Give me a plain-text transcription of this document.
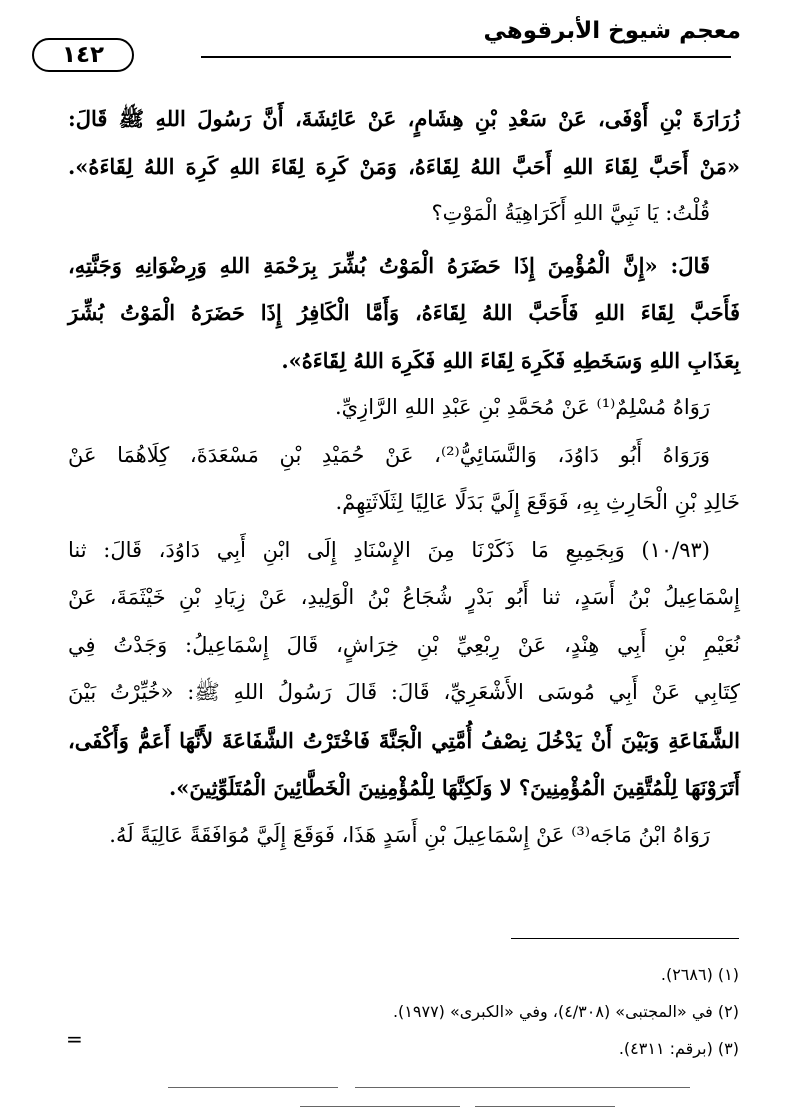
معجم شيوخ الأبرقوهي
١٤٢
زُرَارَةَ بْنِ أَوْفَى، عَنْ سَعْدِ بْنِ هِشَامٍ، عَنْ عَائِشَةَ، أَنَّ رَسُولَ اللهِ ﷺ قَالَ:
«مَنْ أَحَبَّ لِقَاءَ اللهِ أَحَبَّ اللهُ لِقَاءَهُ، وَمَنْ كَرِهَ لِقَاءَ اللهِ كَرِهَ اللهُ لِقَاءَهُ».
قُلْتُ: يَا نَبِيَّ اللهِ أَكَرَاهِيَةُ الْمَوْتِ؟
قَالَ: «إِنَّ الْمُؤْمِنَ إِذَا حَضَرَهُ الْمَوْتُ بُشِّرَ بِرَحْمَةِ اللهِ وَرِضْوَانِهِ وَجَنَّتِهِ،
فَأَحَبَّ لِقَاءَ اللهِ فَأَحَبَّ اللهُ لِقَاءَهُ، وَأَمَّا الْكَافِرُ إِذَا حَضَرَهُ الْمَوْتُ بُشِّرَ
بِعَذَابِ اللهِ وَسَخَطِهِ فَكَرِهَ لِقَاءَ اللهِ فَكَرِهَ اللهُ لِقَاءَهُ».
رَوَاهُ مُسْلِمٌ⁽¹⁾ عَنْ مُحَمَّدِ بْنِ عَبْدِ اللهِ الرَّازِيِّ.
وَرَوَاهُ أَبُو دَاوُدَ، وَالنَّسَائِيُّ⁽²⁾، عَنْ حُمَيْدِ بْنِ مَسْعَدَةَ، كِلَاهُمَا عَنْ
خَالِدِ بْنِ الْحَارِثِ بِهِ، فَوَقَعَ إِلَيَّ بَدَلًا عَالِيًا لِثَلَاثَتِهِمْ.
(١٠/٩٣) وَبِجَمِيعِ مَا ذَكَرْنَا مِنَ الإِسْنَادِ إِلَى ابْنِ أَبِي دَاوُدَ، قَالَ: ثنا
إِسْمَاعِيلُ بْنُ أَسَدٍ، ثنا أَبُو بَدْرٍ شُجَاعُ بْنُ الْوَلِيدِ، عَنْ زِيَادِ بْنِ خَيْثَمَةَ، عَنْ
نُعَيْمِ بْنِ أَبِي هِنْدٍ، عَنْ رِبْعِيِّ بْنِ خِرَاشٍ، قَالَ إِسْمَاعِيلُ: وَجَدْتُ فِي
كِتَابِي عَنْ أَبِي مُوسَى الأَشْعَرِيِّ، قَالَ: قَالَ رَسُولُ اللهِ ﷺ: «خُيِّرْتُ بَيْنَ
الشَّفَاعَةِ وَبَيْنَ أَنْ يَدْخُلَ نِصْفُ أُمَّتِي الْجَنَّةَ فَاخْتَرْتُ الشَّفَاعَةَ لأَنَّهَا أَعَمُّ وَأَكْفَى،
أَتَرَوْنَهَا لِلْمُتَّقِينَ الْمُؤْمِنِينَ؟ لا وَلَكِنَّهَا لِلْمُؤْمِنِينَ الْخَطَّائِينَ الْمُتَلَوِّثِينَ».
رَوَاهُ ابْنُ مَاجَه⁽³⁾ عَنْ إِسْمَاعِيلَ بْنِ أَسَدٍ هَذَا، فَوَقَعَ إِلَيَّ مُوَافَقَةً عَالِيَةً لَهُ.
(١) (٢٦٨٦).
(٢) في «المجتبى» (٤/٣٠٨)، وفي «الكبرى» (١٩٧٧).
(٣) (برقم: ٤٣١١).
=
